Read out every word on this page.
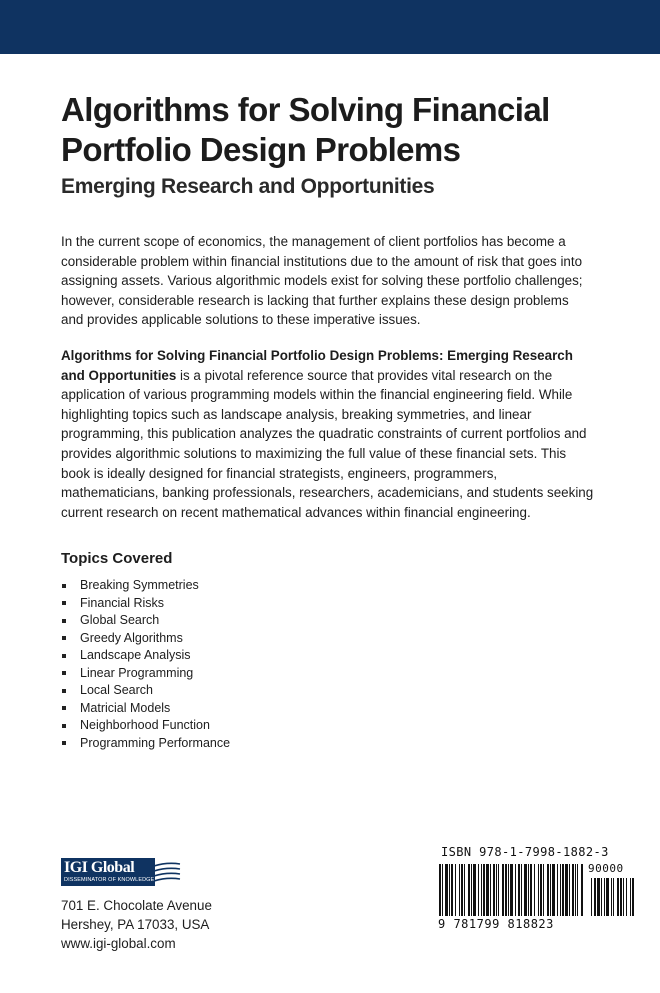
Algorithms for Solving Financial Portfolio Design Problems
Emerging Research and Opportunities

In the current scope of economics, the management of client portfolios has become a considerable problem within financial institutions due to the amount of risk that goes into assigning assets. Various algorithmic models exist for solving these portfolio challenges; however, considerable research is lacking that further explains these design problems and provides applicable solutions to these imperative issues.

Algorithms for Solving Financial Portfolio Design Problems: Emerging Research and Opportunities is a pivotal reference source that provides vital research on the application of various programming models within the financial engineering field. While highlighting topics such as landscape analysis, breaking symmetries, and linear programming, this publication analyzes the quadratic constraints of current portfolios and provides algorithmic solutions to maximizing the full value of these financial sets. This book is ideally designed for financial strategists, engineers, programmers, mathematicians, banking professionals, researchers, academicians, and students seeking current research on recent mathematical advances within financial engineering.

Topics Covered
Breaking Symmetries
Financial Risks
Global Search
Greedy Algorithms
Landscape Analysis
Linear Programming
Local Search
Matricial Models
Neighborhood Function
Programming Performance
IGI Global
DISSEMINATOR OF KNOWLEDGE
701 E. Chocolate Avenue
Hershey, PA 17033, USA
www.igi-global.com
ISBN 978-1-7998-1882-3
90000
9 781799 818823
